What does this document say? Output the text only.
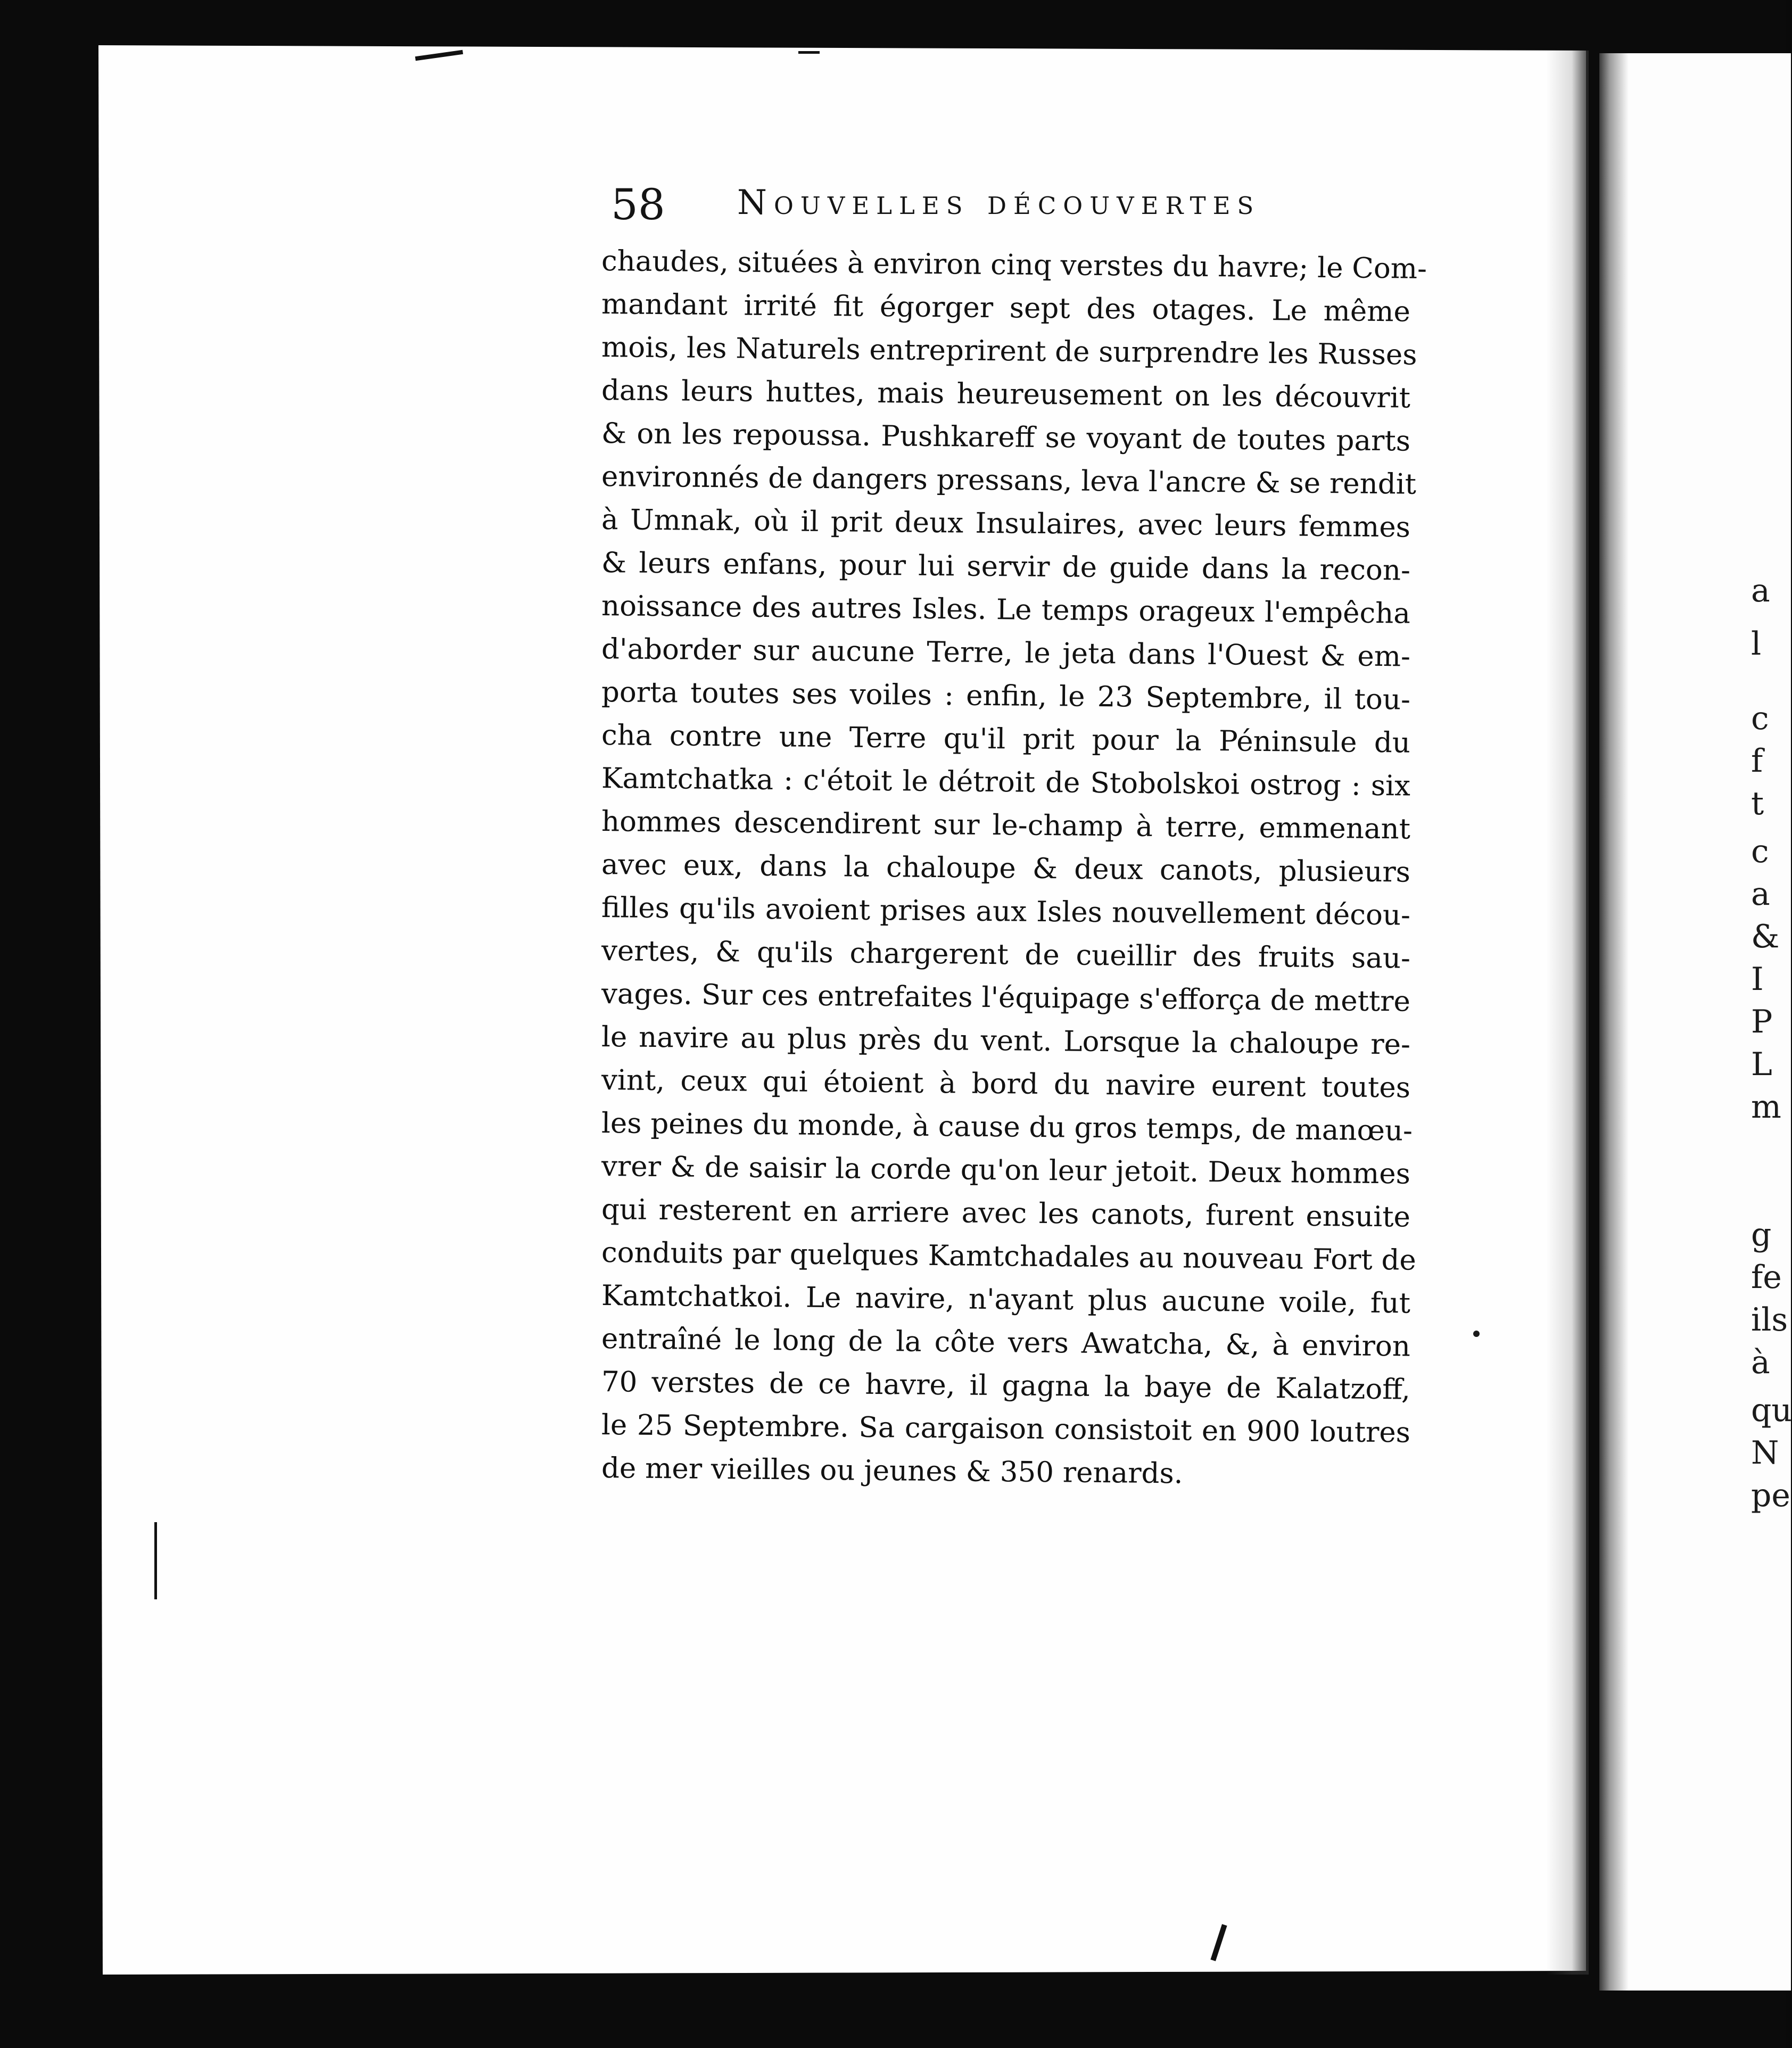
58 Nouvelles découvertes
chaudes, situées à environ cinq verstes du havre; le Com-
mandant irrité fit égorger sept des otages. Le même
mois, les Naturels entreprirent de surprendre les Russes
dans leurs huttes, mais heureusement on les découvrit
& on les repoussa. Pushkareff se voyant de toutes parts
environnés de dangers pressans, leva l'ancre & se rendit
à Umnak, où il prit deux Insulaires, avec leurs femmes
& leurs enfans, pour lui servir de guide dans la recon-
noissance des autres Isles. Le temps orageux l'empêcha
d'aborder sur aucune Terre, le jeta dans l'Ouest & em-
porta toutes ses voiles : enfin, le 23 Septembre, il tou-
cha contre une Terre qu'il prit pour la Péninsule du
Kamtchatka : c'étoit le détroit de Stobolskoi ostrog : six
hommes descendirent sur le-champ à terre, emmenant
avec eux, dans la chaloupe & deux canots, plusieurs
filles qu'ils avoient prises aux Isles nouvellement décou-
vertes, & qu'ils chargerent de cueillir des fruits sau-
vages. Sur ces entrefaites l'équipage s'efforça de mettre
le navire au plus près du vent. Lorsque la chaloupe re-
vint, ceux qui étoient à bord du navire eurent toutes
les peines du monde, à cause du gros temps, de manœu-
vrer & de saisir la corde qu'on leur jetoit. Deux hommes
qui resterent en arriere avec les canots, furent ensuite
conduits par quelques Kamtchadales au nouveau Fort de
Kamtchatkoi. Le navire, n'ayant plus aucune voile, fut
entraîné le long de la côte vers Awatcha, &, à environ
70 verstes de ce havre, il gagna la baye de Kalatzoff,
le 25 Septembre. Sa cargaison consistoit en 900 loutres
de mer vieilles ou jeunes & 350 renards.
a
l
c
f
t
c
a
&
I
P
L
m
g
fe
ils
à
qu
N
pe
